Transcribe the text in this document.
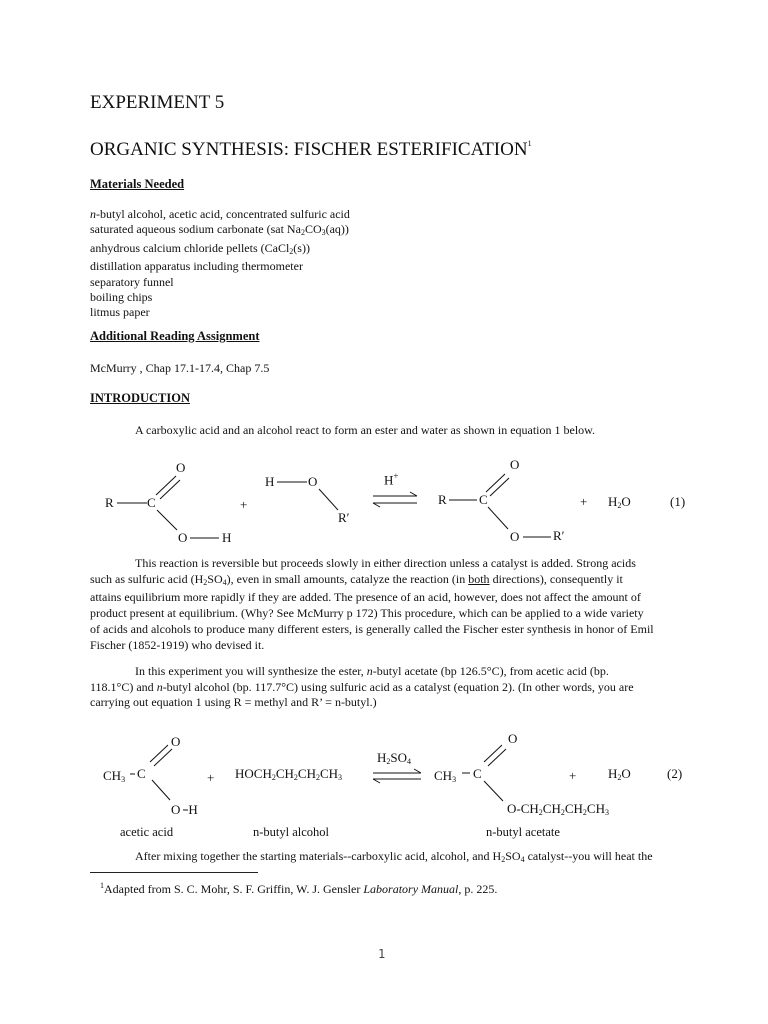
EXPERIMENT 5
ORGANIC SYNTHESIS: FISCHER ESTERIFICATION$^1$
Materials Needed
n-butyl alcohol, acetic acid, concentrated sulfuric acid
saturated aqueous sodium carbonate (sat $Na_2CO_3(aq)$)
anhydrous calcium chloride pellets (CaCl$_2$(s))
distillation apparatus including thermometer
separatory funnel
boiling chips
litmus paper
Additional Reading Assignment
McMurry , Chap 17.1-17.4, Chap 7.5
INTRODUCTION
A carboxylic acid and an alcohol react to form an ester and water as shown in equation 1 below.
O
R	C
O	H
+
H	O
R′
H+
O
R C
O	R′
+ $H_2O$	(1)

This reaction is reversible but proceeds slowly in either direction unless a catalyst is added. Strong acids

such as sulfuric acid $(H_2SO_4)$, even in small amounts, catalyze the reaction (in both directions), consequently it

attains equilibrium more rapidly if they are added. The presence of an acid, however, does not affect the amount of

product present at equilibrium. (Why? See McMurry p 172) This procedure, which can be applied to a wide variety

of acids and alcohols to produce many different esters, is generally called the Fischer ester synthesis in honor of Emil

Fischer (1852-1919) who devised it.

In this experiment you will synthesize the ester, n-butyl acetate (bp 126.5°C), from acetic acid (bp.

118.1°C) and n-butyl alcohol (bp. 117.7°C) using sulfuric acid as a catalyst (equation 2). (In other words, you are

carrying out equation 1 using R = methyl and R’ = n-butyl.)

O
$CH_3$ C
O H
+ $HOCH_2CH_2CH_2CH_3$
$H_2SO_4$
O
$CH_3$ C
$O-CH_2CH_2CH_2CH_3$
+ $H_2O$	(2)
acetic acid	n-butyl alcohol	n-butyl acetate
After mixing together the starting materials--carboxylic acid, alcohol, and $H_2SO_4$ catalyst--you will heat the
$^1$Adapted from S. C. Mohr, S. F. Griffin, W. J. Gensler Laboratory Manual, p. 225.
1
